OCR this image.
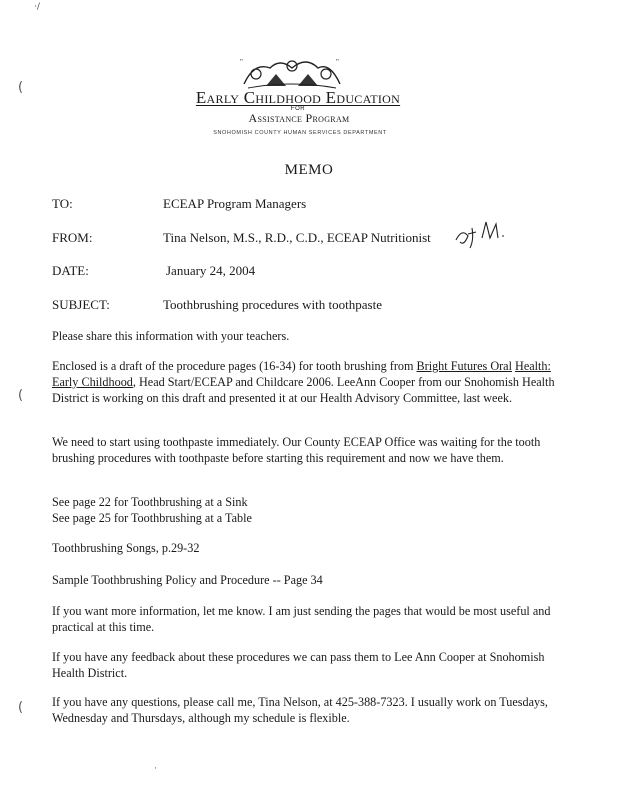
·/
(
(
(
·
"	"
Early Childhood Education
FOR
Assistance Program
SNOHOMISH COUNTY HUMAN SERVICES DEPARTMENT
MEMO
TO:	ECEAP Program Managers
FROM:	Tina Nelson, M.S., R.D., C.D., ECEAP Nutritionist
DATE:	January 24, 2004
SUBJECT:	Toothbrushing procedures with toothpaste
Please share this information with your teachers.
Enclosed is a draft of the procedure pages (16-34) for tooth brushing from Bright Futures Oral Health: Early Childhood, Head Start/ECEAP and Childcare 2006. LeeAnn Cooper from our Snohomish Health District is working on this draft and presented it at our Health Advisory Committee, last week.
We need to start using toothpaste immediately. Our County ECEAP Office was waiting for the tooth brushing procedures with toothpaste before starting this requirement and now we have them.
See page 22 for Toothbrushing at a Sink
See page 25 for Toothbrushing at a Table
Toothbrushing Songs, p.29-32
Sample Toothbrushing Policy and Procedure -- Page 34
If you want more information, let me know. I am just sending the pages that would be most useful and practical at this time.
If you have any feedback about these procedures we can pass them to Lee Ann Cooper at Snohomish Health District.
If you have any questions, please call me, Tina Nelson, at 425-388-7323. I usually work on Tuesdays, Wednesday and Thursdays, although my schedule is flexible.
